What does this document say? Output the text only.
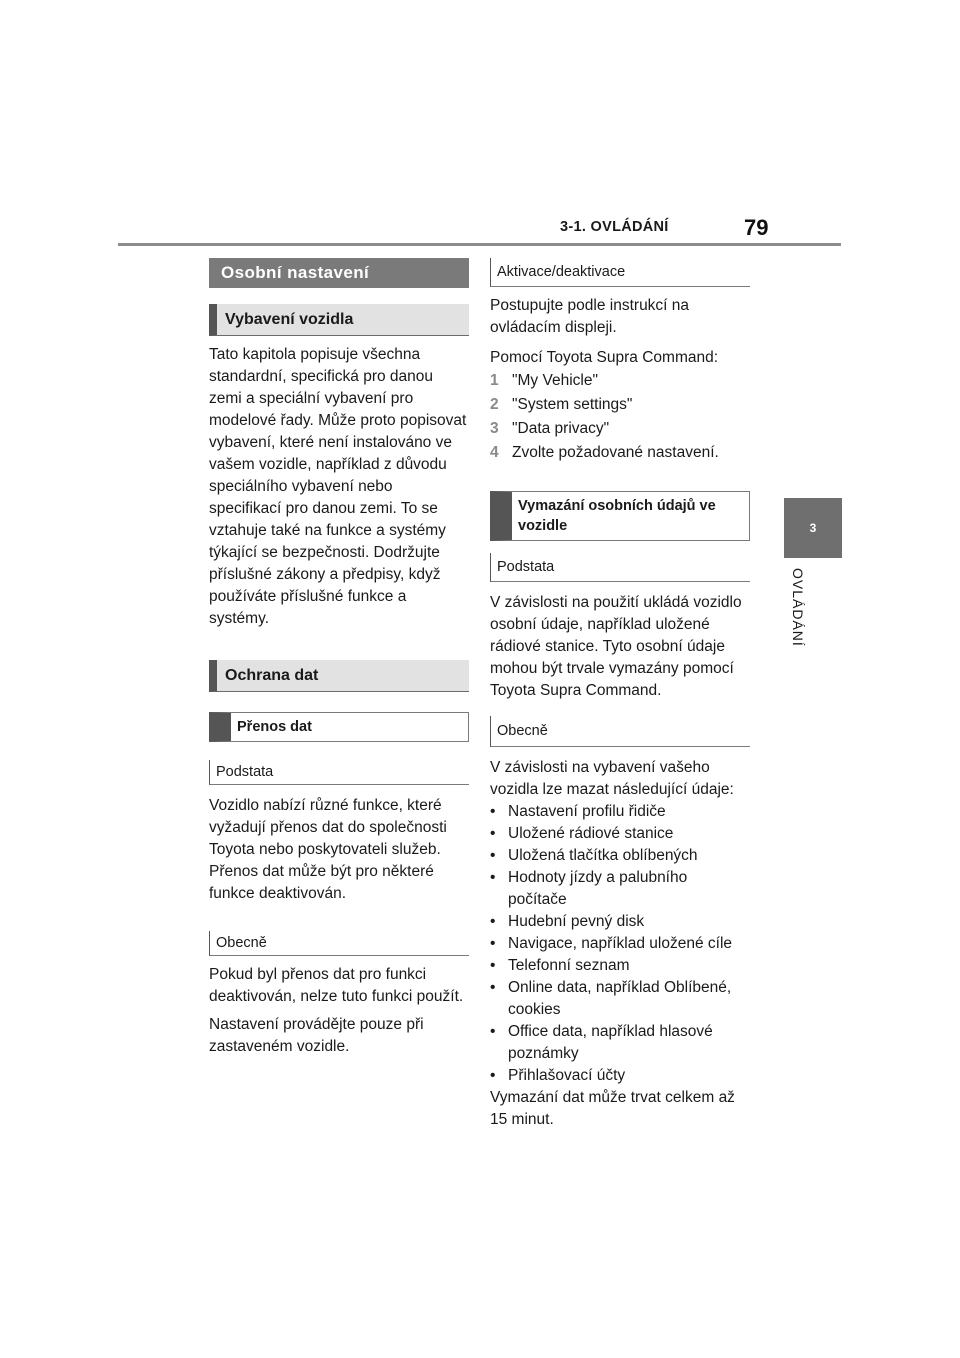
3-1. OVLÁDÁNÍ	79
3
OVLÁDÁNÍ
Osobní nastavení
Vybavení vozidla

Tato kapitola popisuje všechna standardní, specifická pro danou zemi a speciální vybavení pro modelové řady. Může proto popisovat vybavení, které není instalováno ve vašem vozidle, například z důvodu speciálního vybavení nebo specifikací pro danou zemi. To se vztahuje také na funkce a systémy týkající se bezpečnosti. Dodržujte příslušné zákony a předpisy, když používáte příslušné funkce a systémy.

Ochrana dat
Přenos dat
Podstata

Vozidlo nabízí různé funkce, které vyžadují přenos dat do společnosti Toyota nebo poskytovateli služeb. Přenos dat může být pro některé funkce deaktivován.

Obecně

Pokud byl přenos dat pro funkci deaktivován, nelze tuto funkci použít.

Nastavení provádějte pouze při zastaveném vozidle.

Aktivace/deaktivace

Postupujte podle instrukcí na ovládacím displeji.

Pomocí Toyota Supra Command:

1 "My Vehicle"
2 "System settings"
3 "Data privacy"
4 Zvolte požadované nastavení.
Vymazání osobních údajů ve vozidle
Podstata

V závislosti na použití ukládá vozidlo osobní údaje, například uložené rádiové stanice. Tyto osobní údaje mohou být trvale vymazány pomocí Toyota Supra Command.

Obecně

V závislosti na vybavení vašeho vozidla lze mazat následující údaje:

• Nastavení profilu řidiče
• Uložené rádiové stanice
• Uložená tlačítka oblíbených
• Hodnoty jízdy a palubního počítače
• Hudební pevný disk
• Navigace, například uložené cíle
• Telefonní seznam
• Online data, například Oblíbené, cookies
• Office data, například hlasové poznámky
• Přihlašovací účty

Vymazání dat může trvat celkem až 15 minut.
